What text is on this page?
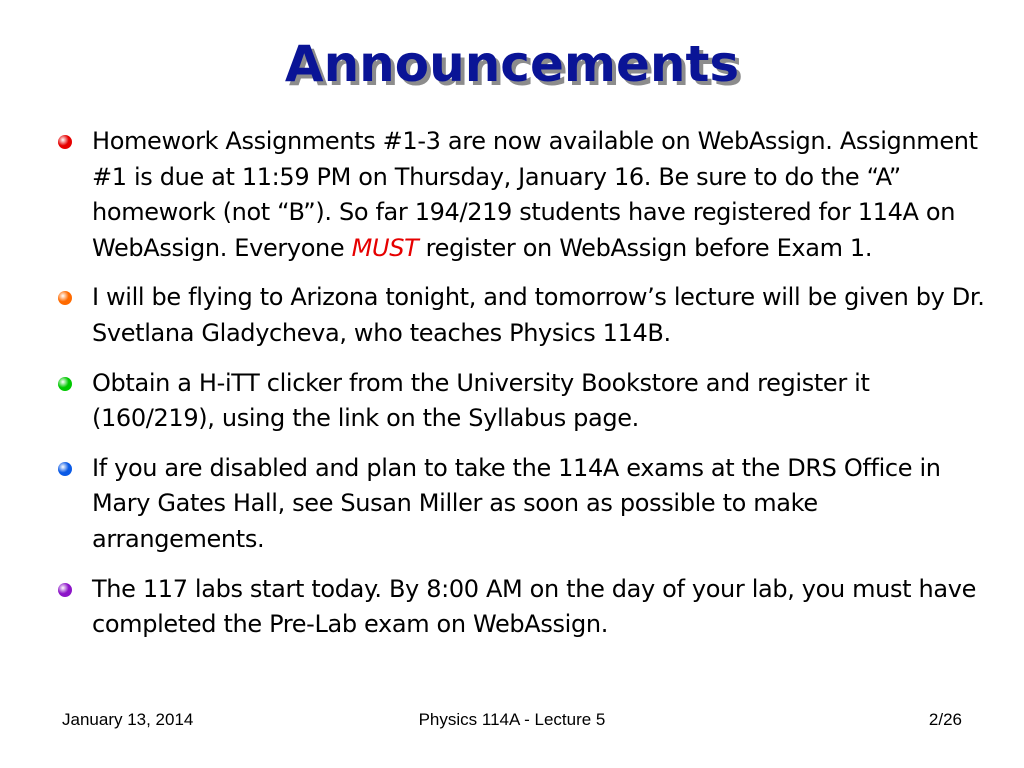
Announcements
Homework Assignments #1-3 are now available on WebAssign. Assignment #1 is due at 11:59 PM on Thursday, January 16. Be sure to do the “A” homework (not “B”). So far 194/219 students have registered for 114A on WebAssign. Everyone MUST register on WebAssign before Exam 1.
I will be flying to Arizona tonight, and tomorrow’s lecture will be given by Dr. Svetlana Gladycheva, who teaches Physics 114B.
Obtain a H-iTT clicker from the University Bookstore and register it (160/219), using the link on the Syllabus page.
If you are disabled and plan to take the 114A exams at the DRS Office in Mary Gates Hall, see Susan Miller as soon as possible to make arrangements.
The 117 labs start today. By 8:00 AM on the day of your lab, you must have completed the Pre-Lab exam on WebAssign.
January 13, 2014	Physics 114A - Lecture 5	2/26
